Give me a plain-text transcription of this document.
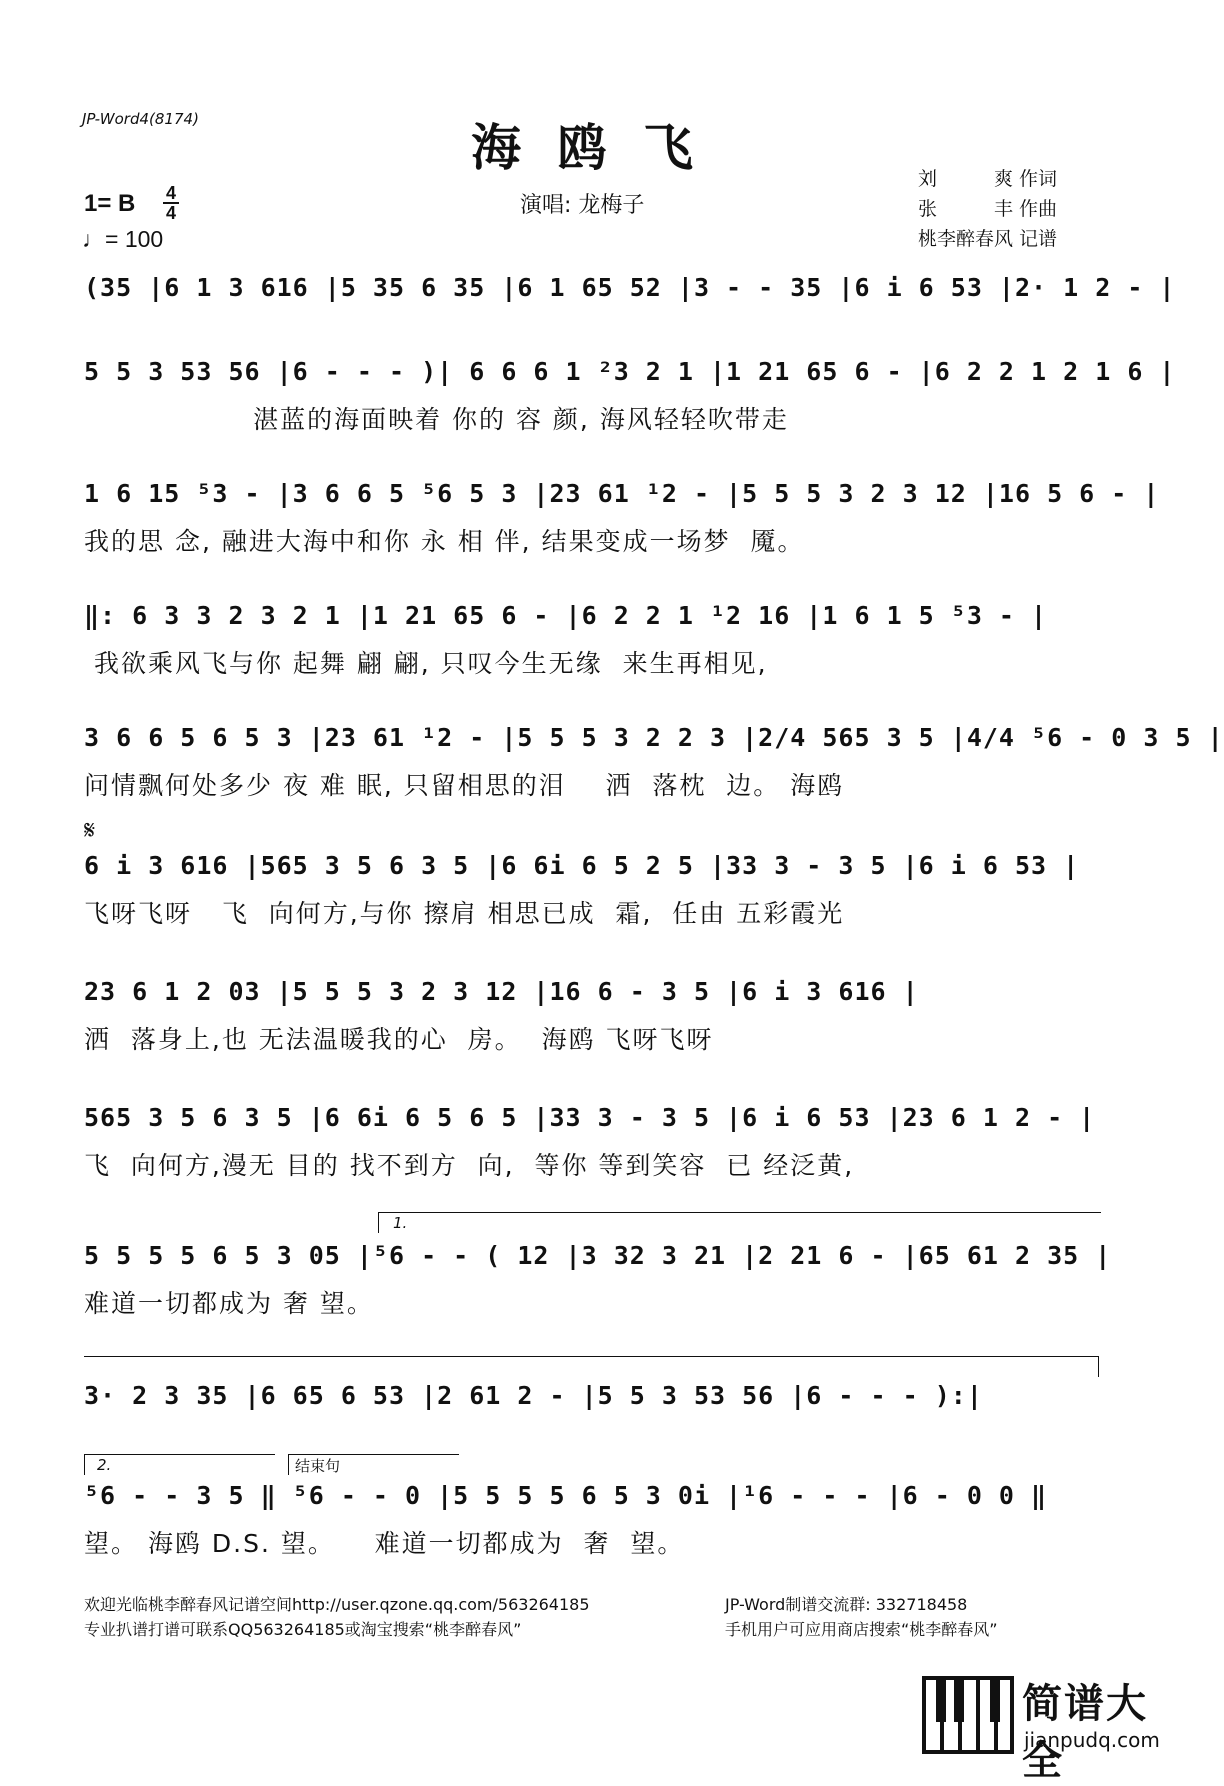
JP-Word4(8174)	海鸥飞
1= B 4
4
♩= 100
演唱: 龙梅子
刘　　　爽 作词
张　　　丰 作曲
桃李醉春风 记谱
(35 |6 1 3 616 |5 35 6 35 |6 1 65 52 |3 - - 35 |6 i 6 53 |2· 1 2 - |
5 5 3 53 56 |6 - - - )| 6 6 6 1 ²3 2 1 |1 21 65 6 - |6 2 2 1 2 1 6 |
湛蓝的海面映着 你的 容 颜, 海风轻轻吹带走
1 6 15 ⁵3 - |3 6 6 5 ⁵6 5 3 |23 61 ¹2 - |5 5 5 3 2 3 12 |16 5 6 - |
我的思 念, 融进大海中和你 永 相 伴, 结果变成一场梦  魇。
‖: 6 3 3 2 3 2 1 |1 21 65 6 - |6 2 2 1 ¹2 16 |1 6 1 5 ⁵3 - |
我欲乘风飞与你 起舞 翩 翩, 只叹今生无缘  来生再相见,
3 6 6 5 6 5 3 |23 61 ¹2 - |5 5 5 3 2 2 3 |2/4 565 3 5 |4/4 ⁵6 - 0 3 5 |
问情飘何处多少 夜 难 眠, 只留相思的泪    洒  落枕  边。 海鸥
𝄋
6 i 3 616 |565 3 5 6 3 5 |6 6i 6 5 2 5 |33 3 - 3 5 |6 i 6 53 |
飞呀飞呀   飞  向何方,与你 擦肩 相思已成  霜,  任由 五彩霞光
23 6 1 2 03 |5 5 5 3 2 3 12 |16 6 - 3 5 |6 i 3 616 |
洒  落身上,也 无法温暖我的心  房。  海鸥 飞呀飞呀
565 3 5 6 3 5 |6 6i 6 5 6 5 |33 3 - 3 5 |6 i 6 53 |23 6 1 2 - |
飞  向何方,漫无 目的 找不到方  向,  等你 等到笑容  已 经泛黄,
1.
5 5 5 5 6 5 3 05 |⁵6 - - ( 12 |3 32 3 21 |2 21 6 - |65 61 2 35 |
难道一切都成为 奢 望。
3· 2 3 35 |6 65 6 53 |2 61 2 - |5 5 3 53 56 |6 - - - ):|
2.	结束句
⁵6 - - 3 5 ‖ ⁵6 - - 0 |5 5 5 5 6 5 3 0i |¹6 - - - |6 - 0 0 ‖
望。 海鸥 D.S. 望。    难道一切都成为  奢  望。
欢迎光临桃李醉春风记谱空间http://user.qzone.qq.com/563264185
专业扒谱打谱可联系QQ563264185或淘宝搜索“桃李醉春风”
JP-Word制谱交流群: 332718458
手机用户可应用商店搜索“桃李醉春风”
简谱大全
jianpudq.com
